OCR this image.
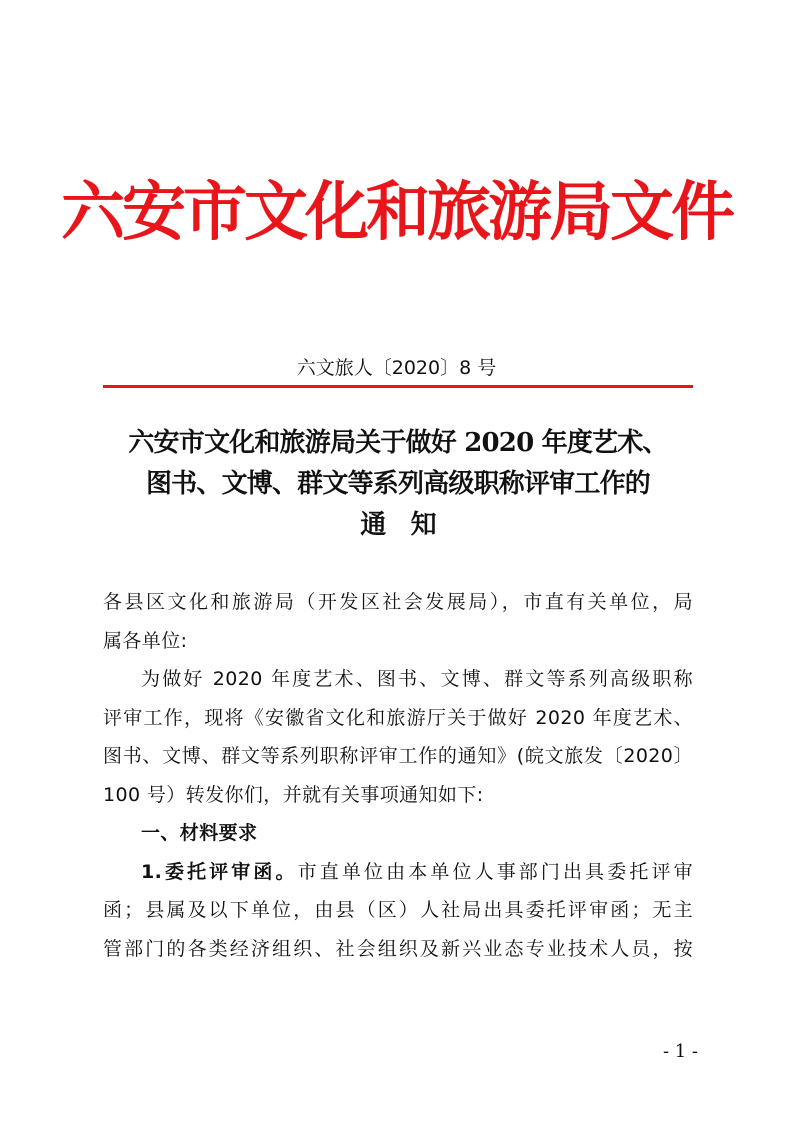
六安市文化和旅游局文件
六文旅人〔2020〕8 号
六安市文化和旅游局关于做好 2020 年度艺术、
图书、文博、群文等系列高级职称评审工作的
通　知
各县区文化和旅游局（开发区社会发展局），市直有关单位，局
属各单位:
为做好 2020 年度艺术、图书、文博、群文等系列高级职称
评审工作，现将《安徽省文化和旅游厅关于做好 2020 年度艺术、
图书、文博、群文等系列职称评审工作的通知》(皖文旅发〔2020〕
100 号）转发你们，并就有关事项通知如下:
一、材料要求
1.委托评审函。市直单位由本单位人事部门出具委托评审
函；县属及以下单位，由县（区）人社局出具委托评审函；无主
管部门的各类经济组织、社会组织及新兴业态专业技术人员，按
- 1 -
